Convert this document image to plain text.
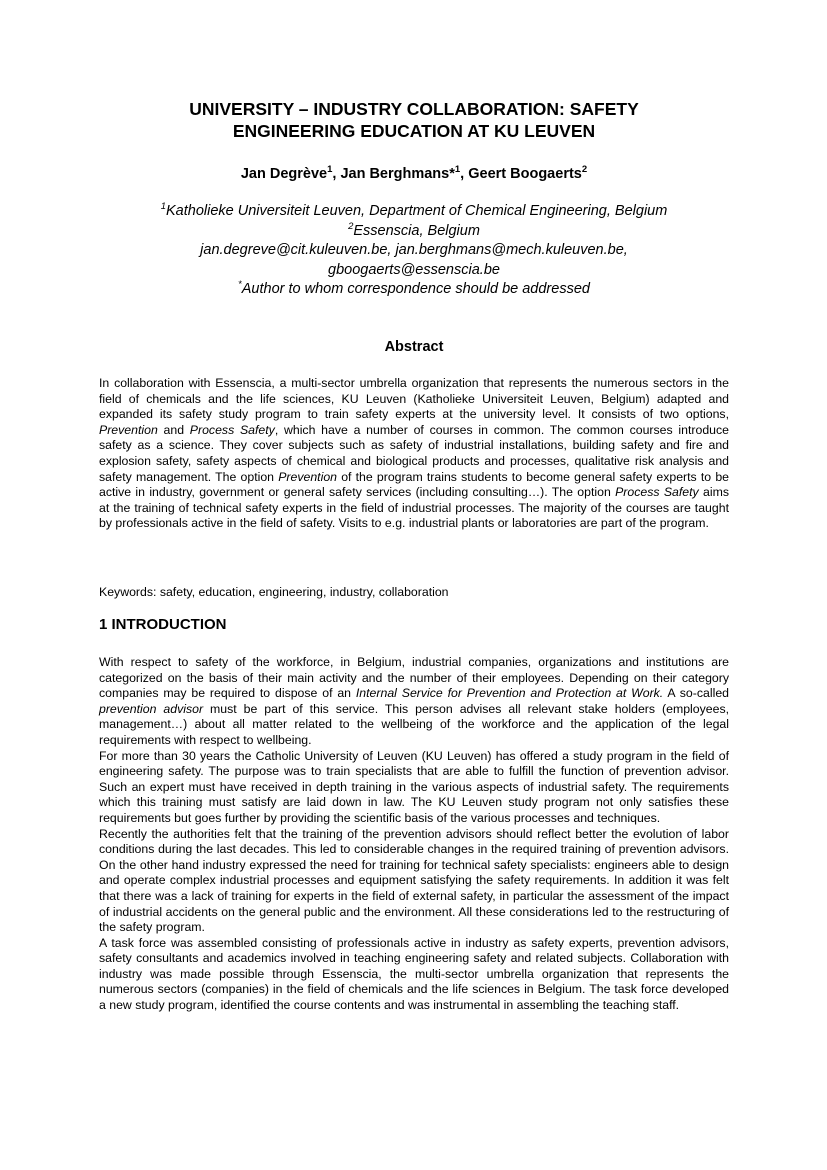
UNIVERSITY – INDUSTRY COLLABORATION: SAFETY
ENGINEERING EDUCATION AT KU LEUVEN
Jan Degrève$^1$, Jan Berghmans*$^1$, Geert Boogaerts$^2$
$^1$Katholieke Universiteit Leuven, Department of Chemical Engineering, Belgium
$^2$Essenscia, Belgium
jan.degreve@cit.kuleuven.be, jan.berghmans@mech.kuleuven.be,
gboogaerts@essenscia.be
*Author to whom correspondence should be addressed
Abstract

In collaboration with Essenscia, a multi-sector umbrella organization that represents the numerous sectors in the field of chemicals and the life sciences, KU Leuven (Katholieke Universiteit Leuven, Belgium) adapted and expanded its safety study program to train safety experts at the university level. It consists of two options, Prevention and Process Safety, which have a number of courses in common. The common courses introduce safety as a science. They cover subjects such as safety of industrial installations, building safety and fire and explosion safety, safety aspects of chemical and biological products and processes, qualitative risk analysis and safety management. The option Prevention of the program trains students to become general safety experts to be active in industry, government or general safety services (including consulting…). The option Process Safety aims at the training of technical safety experts in the field of industrial processes. The majority of the courses are taught by professionals active in the field of safety. Visits to e.g. industrial plants or laboratories are part of the program.

Keywords: safety, education, engineering, industry, collaboration
1 INTRODUCTION

With respect to safety of the workforce, in Belgium, industrial companies, organizations and institutions are categorized on the basis of their main activity and the number of their employees. Depending on their category companies may be required to dispose of an Internal Service for Prevention and Protection at Work. A so-called prevention advisor must be part of this service. This person advises all relevant stake holders (employees, management…) about all matter related to the wellbeing of the workforce and the application of the legal requirements with respect to wellbeing.

For more than 30 years the Catholic University of Leuven (KU Leuven) has offered a study program in the field of engineering safety. The purpose was to train specialists that are able to fulfill the function of prevention advisor. Such an expert must have received in depth training in the various aspects of industrial safety. The requirements which this training must satisfy are laid down in law. The KU Leuven study program not only satisfies these requirements but goes further by providing the scientific basis of the various processes and techniques.

Recently the authorities felt that the training of the prevention advisors should reflect better the evolution of labor conditions during the last decades. This led to considerable changes in the required training of prevention advisors. On the other hand industry expressed the need for training for technical safety specialists: engineers able to design and operate complex industrial processes and equipment satisfying the safety requirements. In addition it was felt that there was a lack of training for experts in the field of external safety, in particular the assessment of the impact of industrial accidents on the general public and the environment. All these considerations led to the restructuring of the safety program.

A task force was assembled consisting of professionals active in industry as safety experts, prevention advisors, safety consultants and academics involved in teaching engineering safety and related subjects. Collaboration with industry was made possible through Essenscia, the multi-sector umbrella organization that represents the numerous sectors (companies) in the field of chemicals and the life sciences in Belgium. The task force developed a new study program, identified the course contents and was instrumental in assembling the teaching staff.
